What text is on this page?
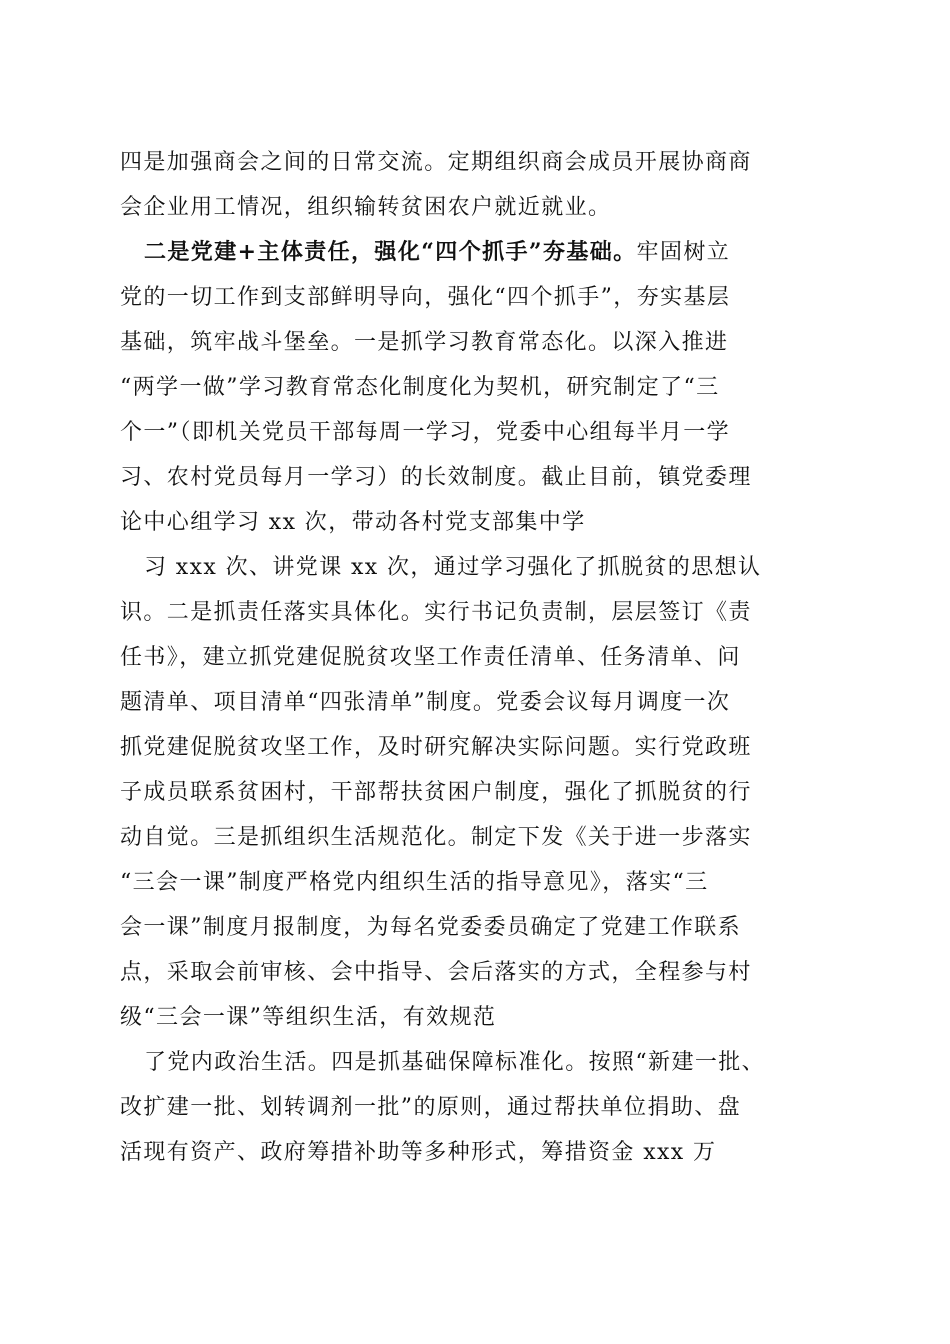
四是加强商会之间的日常交流。定期组织商会成员开展协商商
会企业用工情况，组织输转贫困农户就近就业。
二是党建+主体责任，强化“四个抓手”夯基础。牢固树立
党的一切工作到支部鲜明导向，强化“四个抓手”，夯实基层
基础，筑牢战斗堡垒。一是抓学习教育常态化。以深入推进
“两学一做”学习教育常态化制度化为契机，研究制定了“三
个一”（即机关党员干部每周一学习，党委中心组每半月一学
习、农村党员每月一学习）的长效制度。截止目前，镇党委理
论中心组学习 xx 次，带动各村党支部集中学
习 xxx 次、讲党课 xx 次，通过学习强化了抓脱贫的思想认
识。二是抓责任落实具体化。实行书记负责制，层层签订《责
任书》，建立抓党建促脱贫攻坚工作责任清单、任务清单、问
题清单、项目清单“四张清单”制度。党委会议每月调度一次
抓党建促脱贫攻坚工作，及时研究解决实际问题。实行党政班
子成员联系贫困村，干部帮扶贫困户制度，强化了抓脱贫的行
动自觉。三是抓组织生活规范化。制定下发《关于进一步落实
“三会一课”制度严格党内组织生活的指导意见》，落实“三
会一课”制度月报制度，为每名党委委员确定了党建工作联系
点，采取会前审核、会中指导、会后落实的方式，全程参与村
级“三会一课”等组织生活，有效规范
了党内政治生活。四是抓基础保障标准化。按照“新建一批、
改扩建一批、划转调剂一批”的原则，通过帮扶单位捐助、盘
活现有资产、政府筹措补助等多种形式，筹措资金 xxx 万
